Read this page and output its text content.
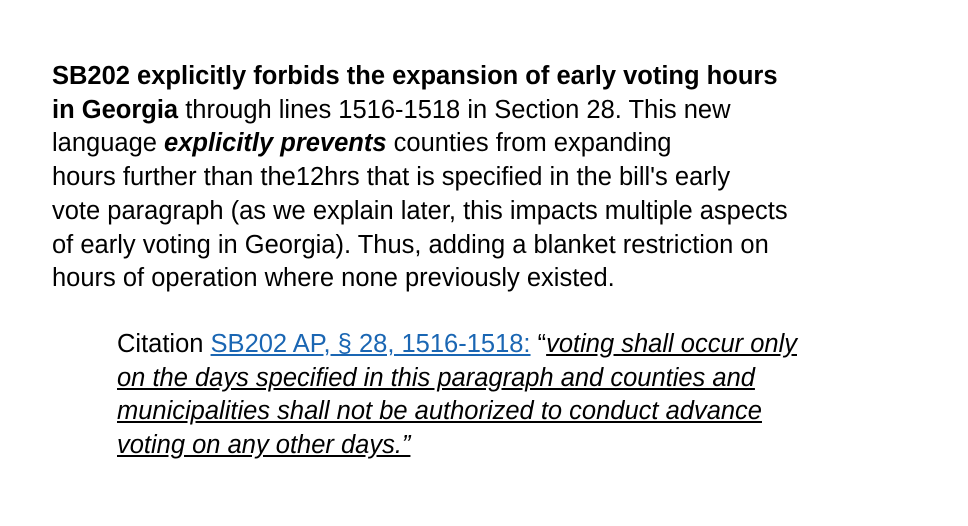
SB202 explicitly forbids the expansion of early voting hours
in Georgia through lines 1516-1518 in Section 28. This new
language explicitly prevents counties from expanding
hours further than the12hrs that is specified in the bill's early
vote paragraph (as we explain later, this impacts multiple aspects
of early voting in Georgia). Thus, adding a blanket restriction on
hours of operation where none previously existed.

Citation SB202 AP, § 28, 1516-1518: “voting shall occur only
on the days specified in this paragraph and counties and
municipalities shall not be authorized to conduct advance
voting on any other days.”
